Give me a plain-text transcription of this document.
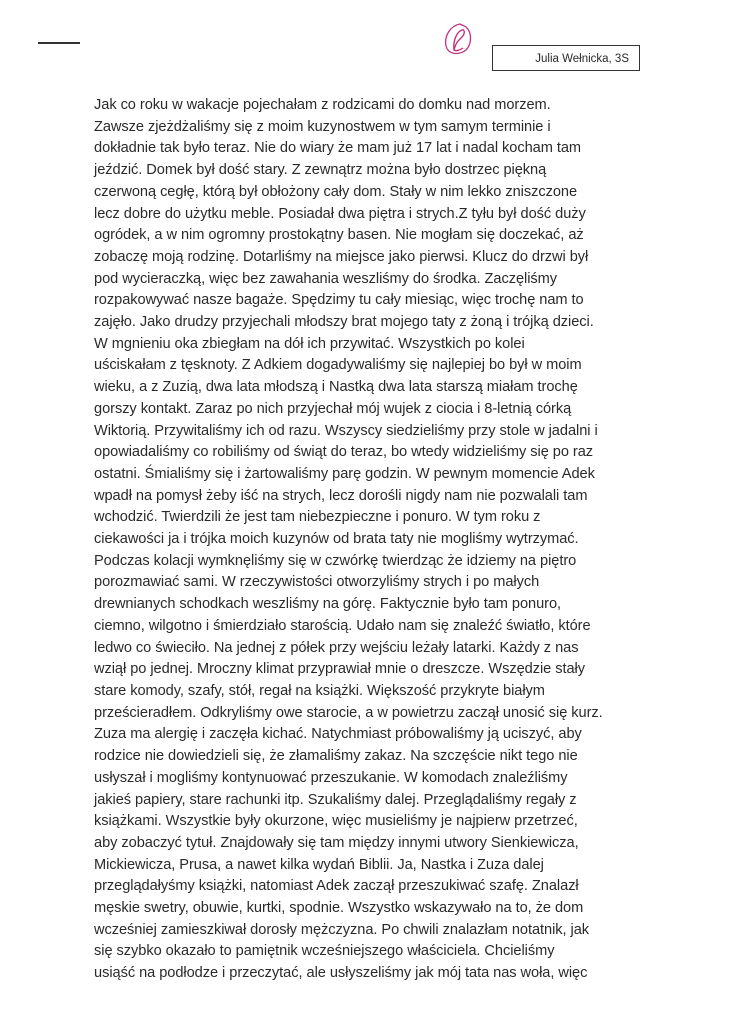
Julia Wełnicka, 3S
Jak co roku w wakacje pojechałam z rodzicami do domku nad morzem.
Zawsze zjeżdżaliśmy się z moim kuzynostwem w tym samym terminie i
dokładnie tak było teraz. Nie do wiary że mam już 17 lat i nadal kocham tam
jeździć. Domek był dość stary. Z zewnątrz można było dostrzec piękną
czerwoną cegłę, którą był obłożony cały dom. Stały w nim lekko zniszczone
lecz dobre do użytku meble. Posiadał dwa piętra i strych.Z tyłu był dość duży
ogródek, a w nim ogromny prostokątny basen. Nie mogłam się doczekać, aż
zobaczę moją rodzinę. Dotarliśmy na miejsce jako pierwsi. Klucz do drzwi był
pod wycieraczką, więc bez zawahania weszliśmy do środka. Zaczęliśmy
rozpakowywać nasze bagaże. Spędzimy tu cały miesiąc, więc trochę nam to
zajęło. Jako drudzy przyjechali młodszy brat mojego taty z żoną i trójką dzieci.
W mgnieniu oka zbiegłam na dół ich przywitać. Wszystkich po kolei
uściskałam z tęsknoty. Z Adkiem dogadywaliśmy się najlepiej bo był w moim
wieku, a z Zuzią, dwa lata młodszą i Nastką dwa lata starszą miałam trochę
gorszy kontakt. Zaraz po nich przyjechał mój wujek z ciocia i 8-letnią córką
Wiktorią. Przywitaliśmy ich od razu. Wszyscy siedzieliśmy przy stole w jadalni i
opowiadaliśmy co robiliśmy od świąt do teraz, bo wtedy widzieliśmy się po raz
ostatni. Śmialiśmy się i żartowaliśmy parę godzin. W pewnym momencie Adek
wpadł na pomysł żeby iść na strych, lecz dorośli nigdy nam nie pozwalali tam
wchodzić. Twierdzili że jest tam niebezpieczne i ponuro. W tym roku z
ciekawości ja i trójka moich kuzynów od brata taty nie mogliśmy wytrzymać.
Podczas kolacji wymknęliśmy się w czwórkę twierdząc że idziemy na piętro
porozmawiać sami. W rzeczywistości otworzyliśmy strych i po małych
drewnianych schodkach weszliśmy na górę. Faktycznie było tam ponuro,
ciemno, wilgotno i śmierdziało starością. Udało nam się znaleźć światło, które
ledwo co świeciło. Na jednej z półek przy wejściu leżały latarki. Każdy z nas
wziął po jednej. Mroczny klimat przyprawiał mnie o dreszcze. Wszędzie stały
stare komody, szafy, stół, regał na książki. Większość przykryte białym
prześcieradłem. Odkryliśmy owe starocie, a w powietrzu zaczął unosić się kurz.
Zuza ma alergię i zaczęła kichać. Natychmiast próbowaliśmy ją uciszyć, aby
rodzice nie dowiedzieli się, że złamaliśmy zakaz. Na szczęście nikt tego nie
usłyszał i mogliśmy kontynuować przeszukanie. W komodach znaleźliśmy
jakieś papiery, stare rachunki itp. Szukaliśmy dalej. Przeglądaliśmy regały z
książkami. Wszystkie były okurzone, więc musieliśmy je najpierw przetrzeć,
aby zobaczyć tytuł. Znajdowały się tam między innymi utwory Sienkiewicza,
Mickiewicza, Prusa, a nawet kilka wydań Biblii. Ja, Nastka i Zuza dalej
przeglądałyśmy książki, natomiast Adek zaczął przeszukiwać szafę. Znalazł
męskie swetry, obuwie, kurtki, spodnie. Wszystko wskazywało na to, że dom
wcześniej zamieszkiwał dorosły mężczyzna. Po chwili znalazłam notatnik, jak
się szybko okazało to pamiętnik wcześniejszego właściciela. Chcieliśmy
usiąść na podłodze i przeczytać, ale usłyszeliśmy jak mój tata nas woła, więc
